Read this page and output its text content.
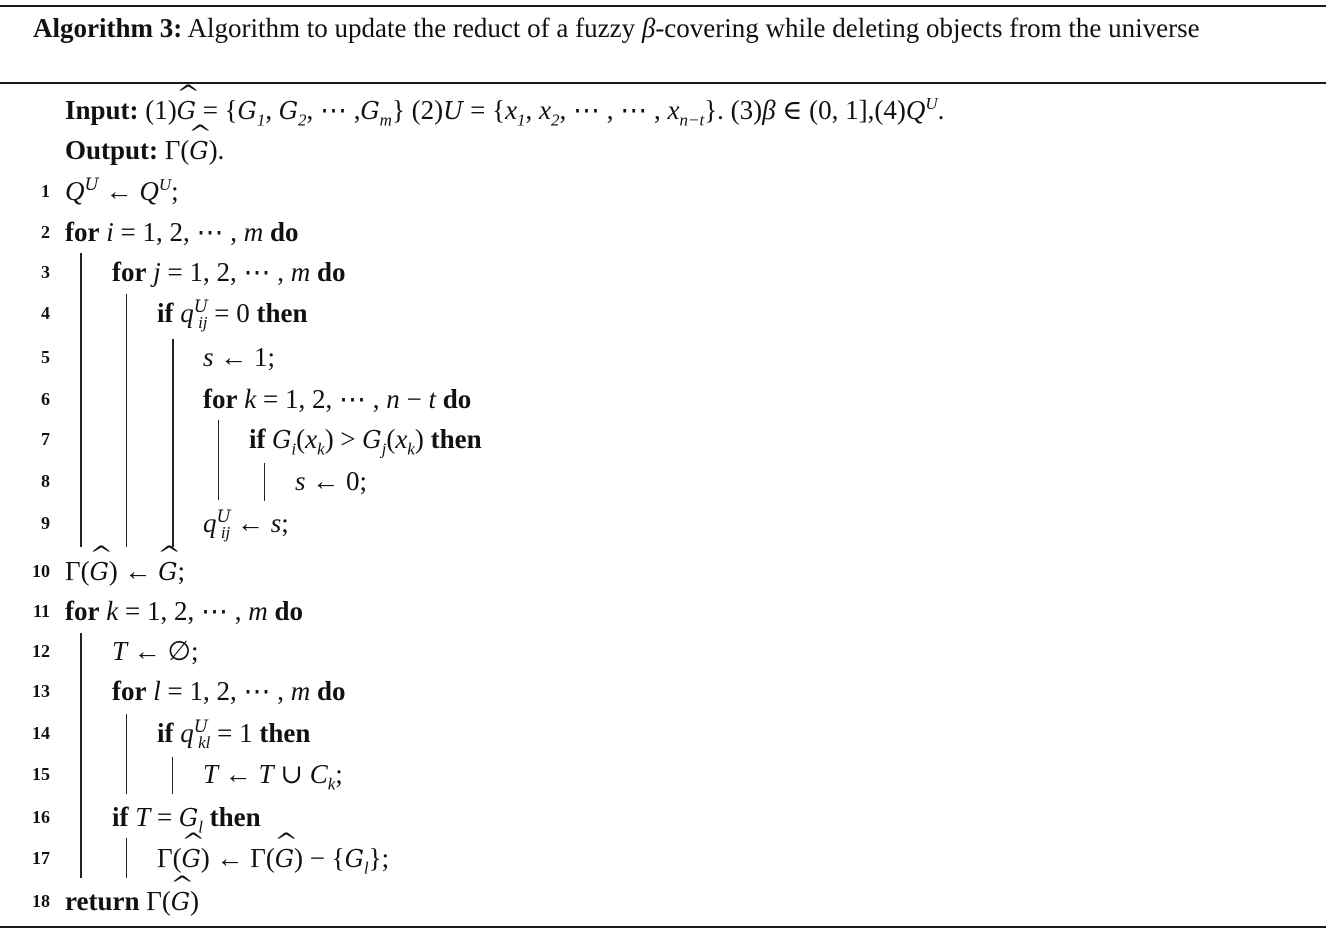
Algorithm 3: Algorithm to update the reduct of a fuzzy β-covering while deleting objects from the universe
Input: (1)^ $G = \{G_1$, $G_2$, ⋯ $,G_m$} $(2)U = \{x_1$, $x_2$, ⋯ , ⋯ , $x_{n-t}$}. (3)β ∈ (0, $1],(4)Q^U$.
Output: Γ(^ G).
1
2
3
4
5
6
7
8
9
10
11
12
13
14
15
16
17
18
$Q^U$ ← $Q^U$;
for i = 1, 2, ⋯ , m do
for j = 1, 2, ⋯ , m do
if $q^U_{ij} = 0$ then
s ← 1;
for k = 1, 2, ⋯ , n − t do
if $G_i(x_k) > G_j(x_k)$ then
s ← 0;
$q^U_{ij}$ ← s;
Γ(^ G) ← ^ G;
for k = 1, 2, ⋯ , m do
T ← ∅;
for l = 1, 2, ⋯ , m do
if $q^U_{kl} = 1$ then
T ← T ∪ $C_k$;
if $T = G_l$ then
Γ(^ G) ← Γ(^ $G) - \{G_l\}$;
return Γ(^ G)
